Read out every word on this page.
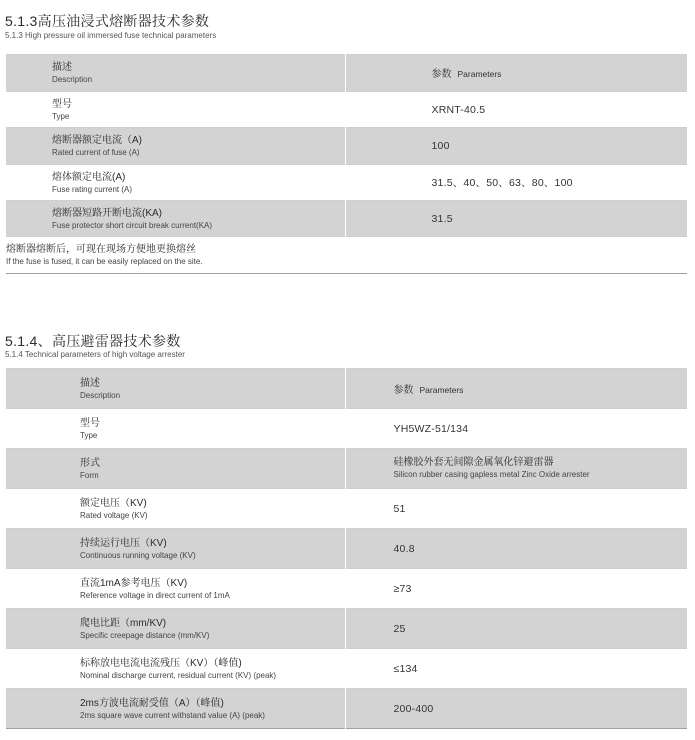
5.1.3高压油浸式熔断器技术参数

5.1.3 High pressure oil immersed fuse technical parameters

描述
Description	参数 Parameters

型号
Type	XRNT-40.5

熔断器额定电流（A)
Rated current of fuse (A)	100

熔体额定电流(A)
Fuse rating current (A)	31.5、40、50、63、80、100

熔断器短路开断电流(KA)
Fuse protector short circuit break current(KA)	31.5

熔断器熔断后，可现在现场方便地更换熔丝
If the fuse is fused, it can be easily replaced on the site.	
5.1.4、高压避雷器技术参数

5.1.4 Technical parameters of high voltage arrester

描述
Description	参数 Parameters

型号
Type	YH5WZ-51/134

形式
Form	硅橡胶外套无间隙金属氧化锌避雷器
Silicon rubber casing gapless metal Zinc Oxide arrester

额定电压（KV)
Rated voltage (KV)	51

持续运行电压（KV)
Continuous running voltage (KV)	40.8

直流1mA参考电压（KV)
Reference voltage in direct current of 1mA	≥73

爬电比距（mm/KV)
Specific creepage distance (mm/KV)	25

标称放电电流电流残压（KV）（峰值)
Nominal discharge current, residual current (KV) (peak)	≤134

2ms方波电流耐受值（A）（峰值)
2ms square wave current withstand value (A) (peak)	200-400
